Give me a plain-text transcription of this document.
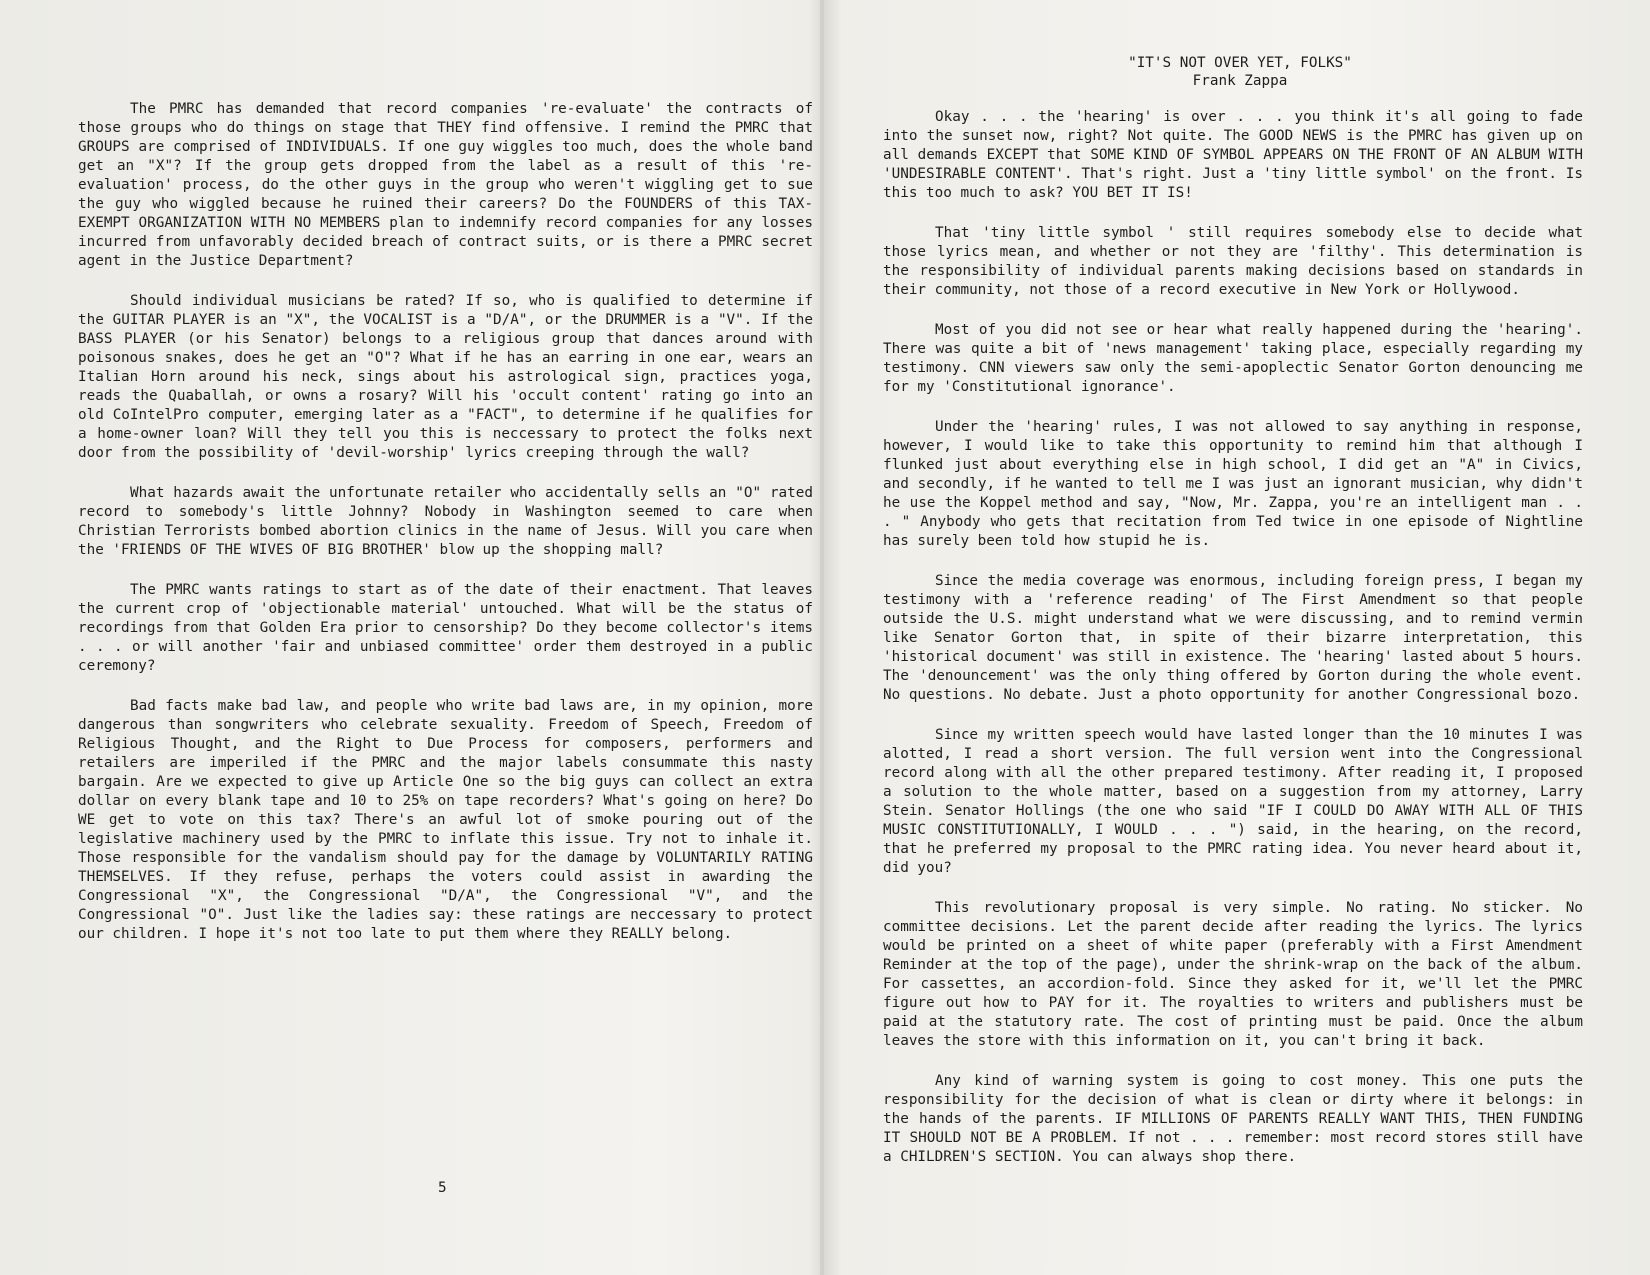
The PMRC has demanded that record companies 're-evaluate' the contracts of those groups who do things on stage that THEY find offensive. I remind the PMRC that GROUPS are comprised of INDIVIDUALS. If one guy wiggles too much, does the whole band get an "X"? If the group gets dropped from the label as a result of this 're-evaluation' process, do the other guys in the group who weren't wiggling get to sue the guy who wiggled because he ruined their careers? Do the FOUNDERS of this TAX-EXEMPT ORGANIZATION WITH NO MEMBERS plan to indemnify record companies for any losses incurred from unfavorably decided breach of contract suits, or is there a PMRC secret agent in the Justice Department?

Should individual musicians be rated? If so, who is qualified to determine if the GUITAR PLAYER is an "X", the VOCALIST is a "D/A", or the DRUMMER is a "V". If the BASS PLAYER (or his Senator) belongs to a religious group that dances around with poisonous snakes, does he get an "O"? What if he has an earring in one ear, wears an Italian Horn around his neck, sings about his astrological sign, practices yoga, reads the Quaballah, or owns a rosary? Will his 'occult content' rating go into an old CoIntelPro computer, emerging later as a "FACT", to determine if he qualifies for a home-owner loan? Will they tell you this is neccessary to protect the folks next door from the possibility of 'devil-worship' lyrics creeping through the wall?

What hazards await the unfortunate retailer who accidentally sells an "O" rated record to somebody's little Johnny? Nobody in Washington seemed to care when Christian Terrorists bombed abortion clinics in the name of Jesus. Will you care when the 'FRIENDS OF THE WIVES OF BIG BROTHER' blow up the shopping mall?

The PMRC wants ratings to start as of the date of their enactment. That leaves the current crop of 'objectionable material' untouched. What will be the status of recordings from that Golden Era prior to censorship? Do they become collector's items . . . or will another 'fair and unbiased committee' order them destroyed in a public ceremony?

Bad facts make bad law, and people who write bad laws are, in my opinion, more dangerous than songwriters who celebrate sexuality. Freedom of Speech, Freedom of Religious Thought, and the Right to Due Process for composers, performers and retailers are imperiled if the PMRC and the major labels consummate this nasty bargain. Are we expected to give up Article One so the big guys can collect an extra dollar on every blank tape and 10 to 25% on tape recorders? What's going on here? Do WE get to vote on this tax? There's an awful lot of smoke pouring out of the legislative machinery used by the PMRC to inflate this issue. Try not to inhale it. Those responsible for the vandalism should pay for the damage by VOLUNTARILY RATING THEMSELVES. If they refuse, perhaps the voters could assist in awarding the Congressional "X", the Congressional "D/A", the Congressional "V", and the Congressional "O". Just like the ladies say: these ratings are neccessary to protect our children. I hope it's not too late to put them where they REALLY belong.

5
"IT'S NOT OVER YET, FOLKS"
Frank Zappa

Okay . . . the 'hearing' is over . . . you think it's all going to fade into the sunset now, right? Not quite. The GOOD NEWS is the PMRC has given up on all demands EXCEPT that SOME KIND OF SYMBOL APPEARS ON THE FRONT OF AN ALBUM WITH 'UNDESIRABLE CONTENT'. That's right. Just a 'tiny little symbol' on the front. Is this too much to ask? YOU BET IT IS!

That 'tiny little symbol ' still requires somebody else to decide what those lyrics mean, and whether or not they are 'filthy'. This determination is the responsibility of individual parents making decisions based on standards in their community, not those of a record executive in New York or Hollywood.

Most of you did not see or hear what really happened during the 'hearing'. There was quite a bit of 'news management' taking place, especially regarding my testimony. CNN viewers saw only the semi-apoplectic Senator Gorton denouncing me for my 'Constitutional ignorance'.

Under the 'hearing' rules, I was not allowed to say anything in response, however, I would like to take this opportunity to remind him that although I flunked just about everything else in high school, I did get an "A" in Civics, and secondly, if he wanted to tell me I was just an ignorant musician, why didn't he use the Koppel method and say, "Now, Mr. Zappa, you're an intelligent man . . . " Anybody who gets that recitation from Ted twice in one episode of Nightline has surely been told how stupid he is.

Since the media coverage was enormous, including foreign press, I began my testimony with a 'reference reading' of The First Amendment so that people outside the U.S. might understand what we were discussing, and to remind vermin like Senator Gorton that, in spite of their bizarre interpretation, this 'historical document' was still in existence. The 'hearing' lasted about 5 hours. The 'denouncement' was the only thing offered by Gorton during the whole event. No questions. No debate. Just a photo opportunity for another Congressional bozo.

Since my written speech would have lasted longer than the 10 minutes I was alotted, I read a short version. The full version went into the Congressional record along with all the other prepared testimony. After reading it, I proposed a solution to the whole matter, based on a suggestion from my attorney, Larry Stein. Senator Hollings (the one who said "IF I COULD DO AWAY WITH ALL OF THIS MUSIC CONSTITUTIONALLY, I WOULD . . . ") said, in the hearing, on the record, that he preferred my proposal to the PMRC rating idea. You never heard about it, did you?

This revolutionary proposal is very simple. No rating. No sticker. No committee decisions. Let the parent decide after reading the lyrics. The lyrics would be printed on a sheet of white paper (preferably with a First Amendment Reminder at the top of the page), under the shrink-wrap on the back of the album. For cassettes, an accordion-fold. Since they asked for it, we'll let the PMRC figure out how to PAY for it. The royalties to writers and publishers must be paid at the statutory rate. The cost of printing must be paid. Once the album leaves the store with this information on it, you can't bring it back.

Any kind of warning system is going to cost money. This one puts the responsibility for the decision of what is clean or dirty where it belongs: in the hands of the parents. IF MILLIONS OF PARENTS REALLY WANT THIS, THEN FUNDING IT SHOULD NOT BE A PROBLEM. If not . . . remember: most record stores still have a CHILDREN'S SECTION. You can always shop there.
